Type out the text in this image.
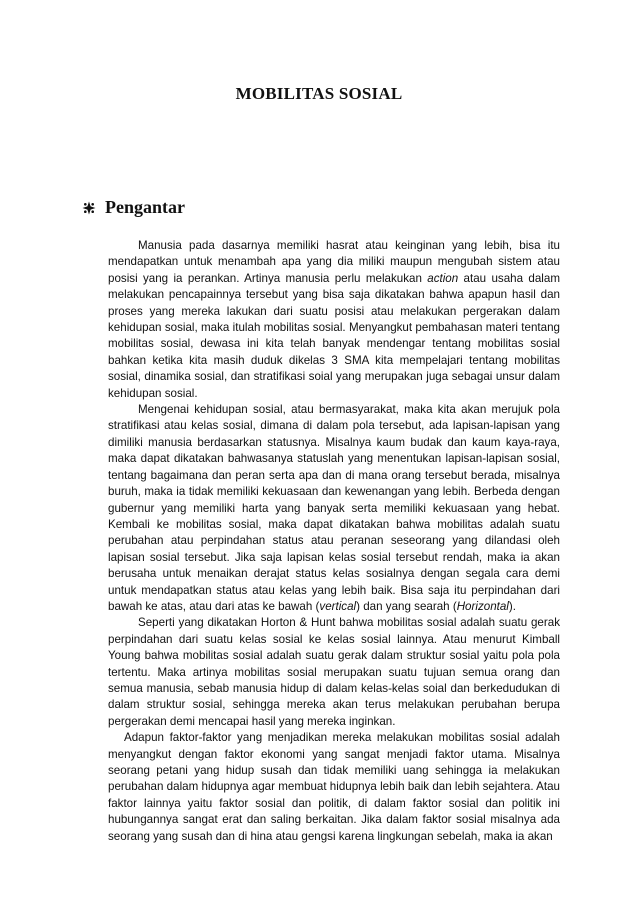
MOBILITAS SOSIAL
Pengantar

Manusia pada dasarnya memiliki hasrat atau keinginan yang lebih, bisa itu mendapatkan untuk menambah apa yang dia miliki maupun mengubah sistem atau posisi yang ia perankan. Artinya manusia perlu melakukan action atau usaha dalam melakukan pencapainnya tersebut yang bisa saja dikatakan bahwa apapun hasil dan proses yang mereka lakukan dari suatu posisi atau melakukan pergerakan dalam kehidupan sosial, maka itulah mobilitas sosial. Menyangkut pembahasan materi tentang mobilitas sosial, dewasa ini kita telah banyak mendengar tentang mobilitas sosial bahkan ketika kita masih duduk dikelas 3 SMA kita mempelajari tentang mobilitas sosial, dinamika sosial, dan stratifikasi soial yang merupakan juga sebagai unsur dalam kehidupan sosial.

Mengenai kehidupan sosial, atau bermasyarakat, maka kita akan merujuk pola stratifikasi atau kelas sosial, dimana di dalam pola tersebut, ada lapisan-lapisan yang dimiliki manusia berdasarkan statusnya. Misalnya kaum budak dan kaum kaya-raya, maka dapat dikatakan bahwasanya statuslah yang menentukan lapisan-lapisan sosial, tentang bagaimana dan peran serta apa dan di mana orang tersebut berada, misalnya buruh, maka ia tidak memiliki kekuasaan dan kewenangan yang lebih. Berbeda dengan gubernur yang memiliki harta yang banyak serta memiliki kekuasaan yang hebat. Kembali ke mobilitas sosial, maka dapat dikatakan bahwa mobilitas adalah suatu perubahan atau perpindahan status atau peranan seseorang yang dilandasi oleh lapisan sosial tersebut. Jika saja lapisan kelas sosial tersebut rendah, maka ia akan berusaha untuk menaikan derajat status kelas sosialnya dengan segala cara demi untuk mendapatkan status atau kelas yang lebih baik. Bisa saja itu perpindahan dari bawah ke atas, atau dari atas ke bawah (vertical) dan yang searah (Horizontal).

Seperti yang dikatakan Horton & Hunt bahwa mobilitas sosial adalah suatu gerak perpindahan dari suatu kelas sosial ke kelas sosial lainnya. Atau menurut Kimball Young bahwa mobilitas sosial adalah suatu gerak dalam struktur sosial yaitu pola pola tertentu. Maka artinya mobilitas sosial merupakan suatu tujuan semua orang dan semua manusia, sebab manusia hidup di dalam kelas-kelas soial dan berkedudukan di dalam struktur sosial, sehingga mereka akan terus melakukan perubahan berupa pergerakan demi mencapai hasil yang mereka inginkan.

Adapun faktor-faktor yang menjadikan mereka melakukan mobilitas sosial adalah menyangkut dengan faktor ekonomi yang sangat menjadi faktor utama. Misalnya seorang petani yang hidup susah dan tidak memiliki uang sehingga ia melakukan perubahan dalam hidupnya agar membuat hidupnya lebih baik dan lebih sejahtera. Atau faktor lainnya yaitu faktor sosial dan politik, di dalam faktor sosial dan politik ini hubungannya sangat erat dan saling berkaitan. Jika dalam faktor sosial misalnya ada seorang yang susah dan di hina atau gengsi karena lingkungan sebelah, maka ia akan
